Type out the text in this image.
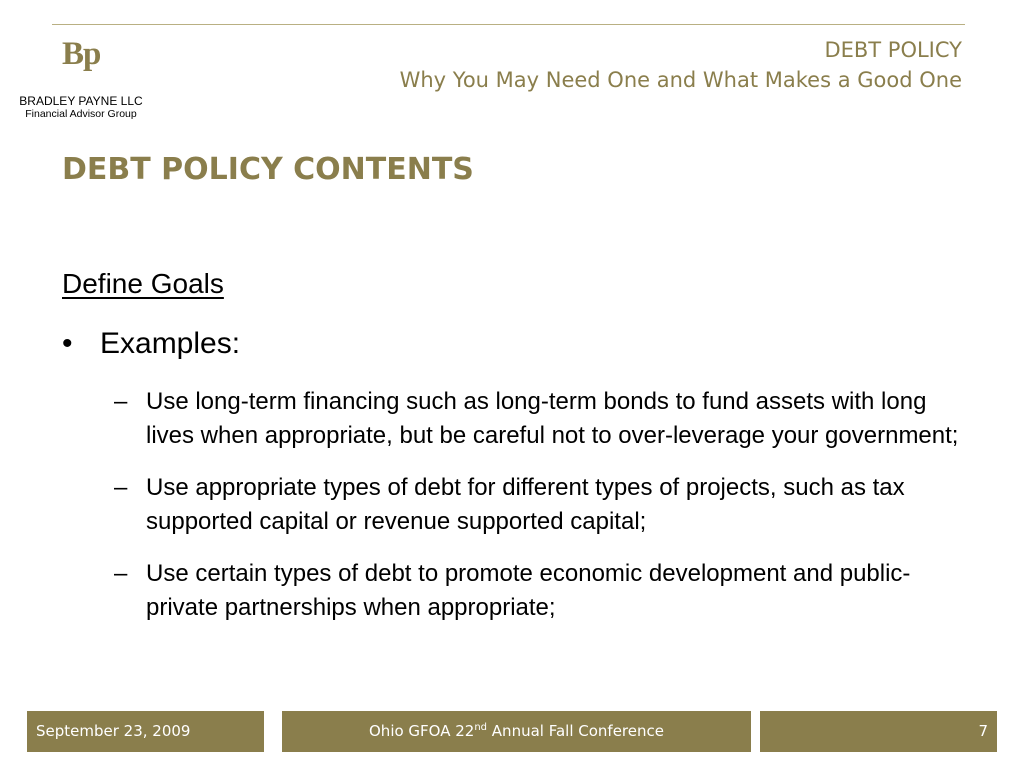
Bp
BRADLEY PAYNE LLC
Financial Advisor Group
DEBT POLICY
Why You May Need One and What Makes a Good One
DEBT POLICY CONTENTS
Define Goals
• Examples:
– Use long-term financing such as long-term bonds to fund assets with long lives when appropriate, but be careful not to over-leverage your government;
– Use appropriate types of debt for different types of projects, such as tax supported capital or revenue supported capital;
– Use certain types of debt to promote economic development and public-private partnerships when appropriate;
September 23, 2009	Ohio GFOA 22nd Annual Fall Conference	7
